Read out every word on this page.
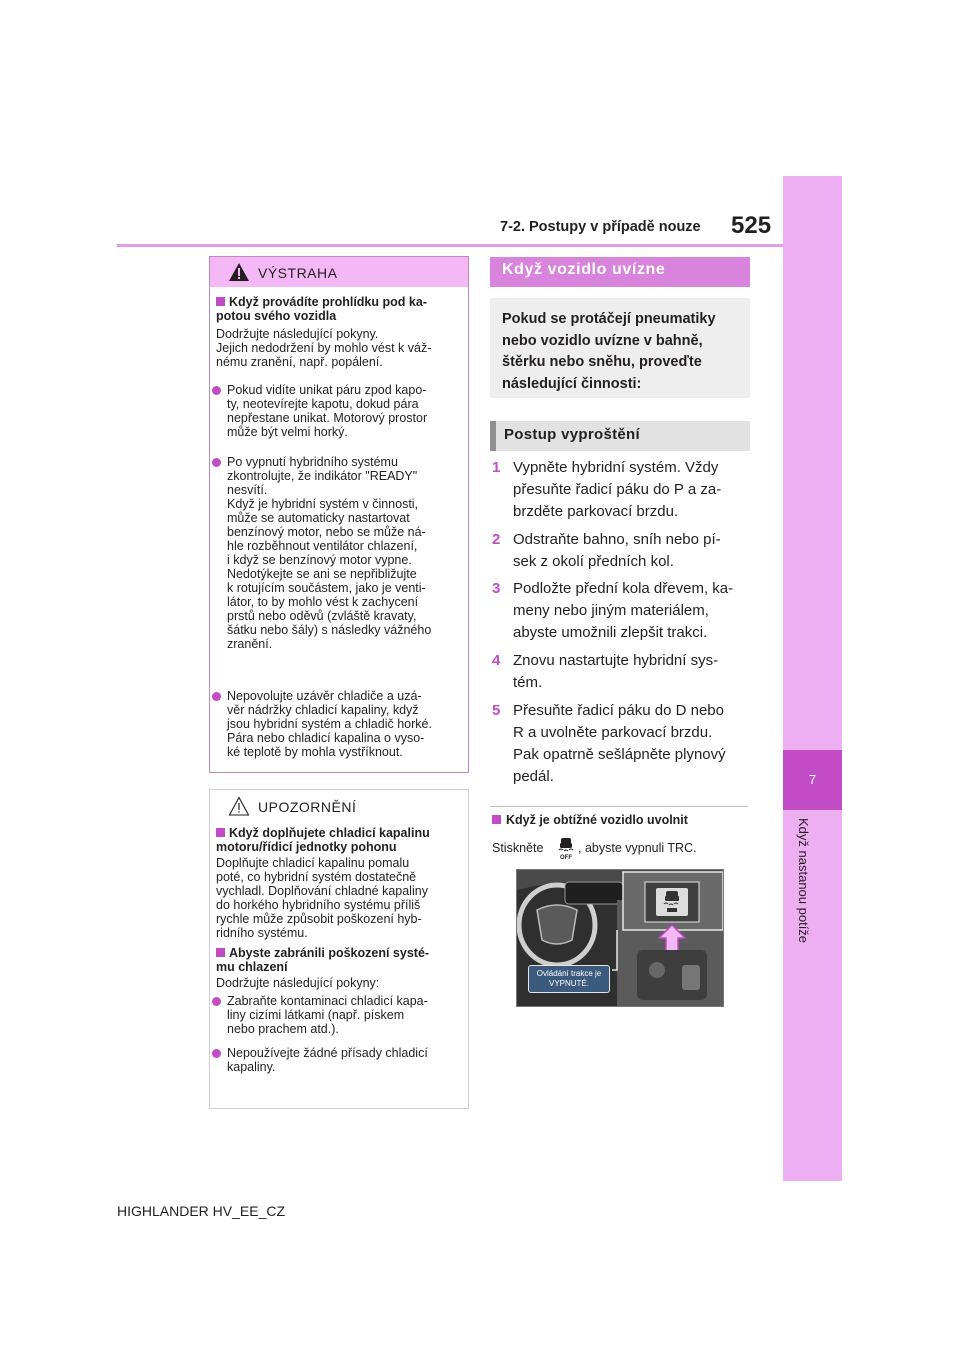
7-2. Postupy v případě nouze 525
7
Když nastanou potíže
VÝSTRAHA
Když provádíte prohlídku pod ka-
potou svého vozidla
Dodržujte následující pokyny.
Jejich nedodržení by mohlo vést k váž-
nému zranění, např. popálení.
Pokud vidíte unikat páru zpod kapo-
ty, neotevírejte kapotu, dokud pára
nepřestane unikat. Motorový prostor
může být velmi horký.
Po vypnutí hybridního systému
zkontrolujte, že indikátor "READY"
nesvítí.
Když je hybridní systém v činnosti,
může se automaticky nastartovat
benzínový motor, nebo se může ná-
hle rozběhnout ventilátor chlazení,
i když se benzínový motor vypne.
Nedotýkejte se ani se nepřibližujte
k rotujícím součástem, jako je venti-
látor, to by mohlo vést k zachycení
prstů nebo oděvů (zvláště kravaty,
šátku nebo šály) s následky vážného
zranění.
Nepovolujte uzávěr chladiče a uzá-
věr nádržky chladicí kapaliny, když
jsou hybridní systém a chladič horké.
Pára nebo chladicí kapalina o vyso-
ké teplotě by mohla vystříknout.
UPOZORNĚNÍ
Když doplňujete chladicí kapalinu
motoru/řídicí jednotky pohonu
Doplňujte chladicí kapalinu pomalu
poté, co hybridní systém dostatečně
vychladl. Doplňování chladné kapaliny
do horkého hybridního systému příliš
rychle může způsobit poškození hyb-
ridního systému.
Abyste zabránili poškození systé-
mu chlazení
Dodržujte následující pokyny:
Zabraňte kontaminaci chladicí kapa-
liny cizími látkami (např. pískem
nebo prachem atd.).
Nepoužívejte žádné přísady chladicí
kapaliny.
Když vozidlo uvízne
Pokud se protáčejí pneumatiky
nebo vozidlo uvízne v bahně,
štěrku nebo sněhu, proveďte
následující činnosti:
Postup vyproštění
1 Vypněte hybridní systém. Vždy
přesuňte řadicí páku do P a za-
brzděte parkovací brzdu.
2 Odstraňte bahno, sníh nebo pí-
sek z okolí předních kol.
3 Podložte přední kola dřevem, ka-
meny nebo jiným materiálem,
abyste umožnili zlepšit trakci.
4 Znovu nastartujte hybridní sys-
tém.
5 Přesuňte řadicí páku do D nebo
R a uvolněte parkovací brzdu.
Pak opatrně sešlápněte plynový
pedál.
Když je obtížné vozidlo uvolnit
Stiskněte
OFF
, abyste vypnuli TRC.
Ovládání trakce je VYPNUTÉ.
HIGHLANDER HV_EE_CZ
